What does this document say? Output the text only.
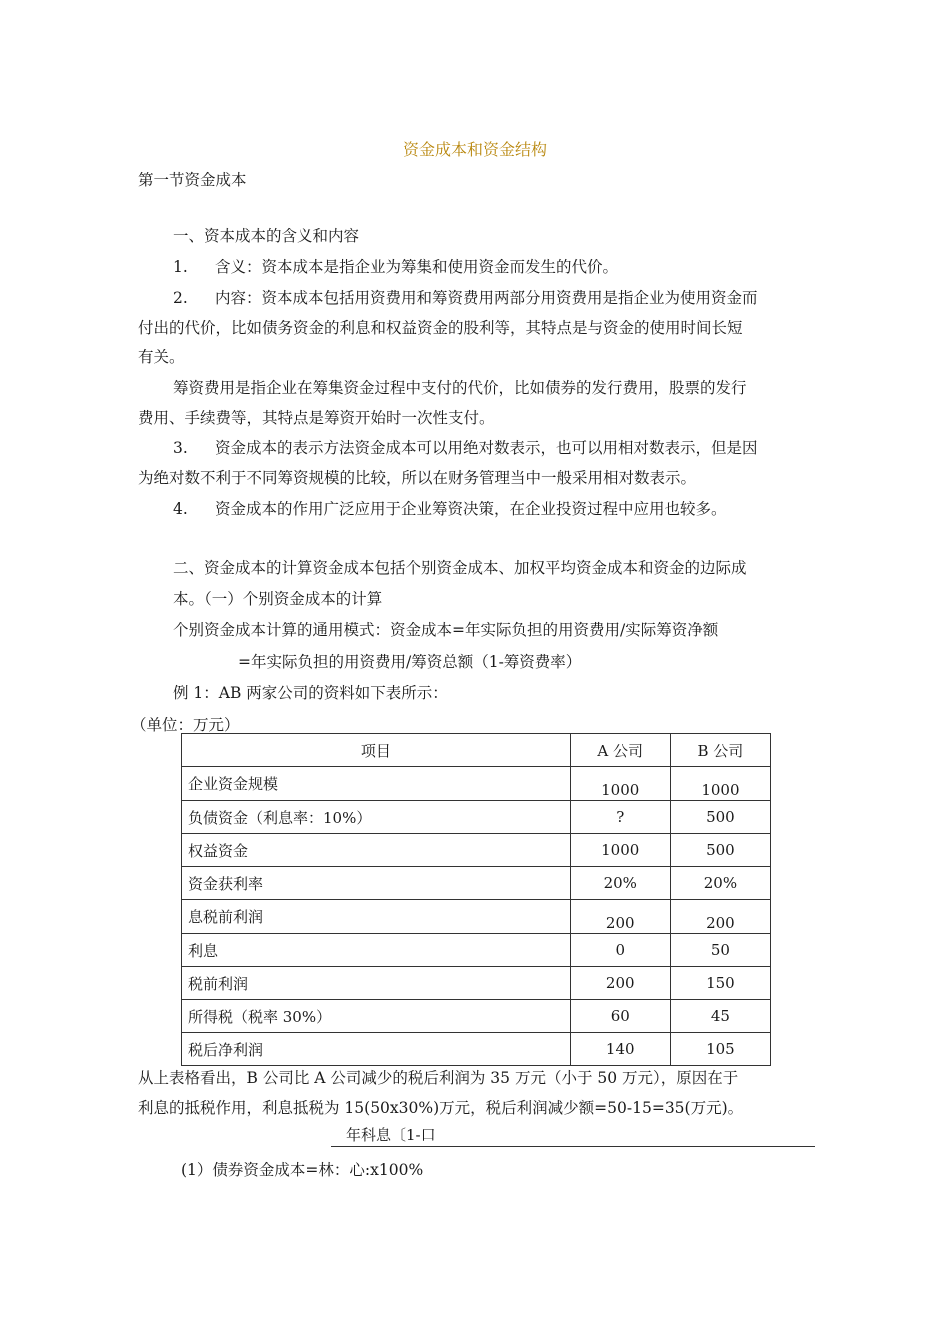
资金成本和资金结构
第一节资金成本
一、资本成本的含义和内容
1. 含义：资本成本是指企业为筹集和使用资金而发生的代价。
2. 内容：资本成本包括用资费用和筹资费用两部分用资费用是指企业为使用资金而
付出的代价，比如债务资金的利息和权益资金的股利等，其特点是与资金的使用时间长短
有关。
筹资费用是指企业在筹集资金过程中支付的代价，比如债券的发行费用，股票的发行
费用、手续费等，其特点是筹资开始时一次性支付。
3. 资金成本的表示方法资金成本可以用绝对数表示，也可以用相对数表示，但是因
为绝对数不利于不同筹资规模的比较，所以在财务管理当中一般采用相对数表示。
4. 资金成本的作用广泛应用于企业筹资决策，在企业投资过程中应用也较多。
二、资金成本的计算资金成本包括个别资金成本、加权平均资金成本和资金的边际成
本。（一）个别资金成本的计算
个别资金成本计算的通用模式：资金成本=年实际负担的用资费用/实际筹资净额
=年实际负担的用资费用/筹资总额（1-筹资费率）
例 1：AB 两家公司的资料如下表所示：
（单位：万元）
项目	A 公司	B 公司
企业资金规模	1000	1000
负债资金（利息率：10%）	?	500
权益资金	1000	500
资金获利率	20%	20%
息税前利润	200	200
利息	0	50
税前利润	200	150
所得税（税率 30%）	60	45
税后净利润	140	105
从上表格看出，B 公司比 A 公司减少的税后利润为 35 万元（小于 50 万元），原因在于
利息的抵税作用，利息抵税为 15(50x30%)万元，税后利润减少额=50-15=35(万元)。
年科息〔1-口
(1）债券资金成本=林：心:x100%
